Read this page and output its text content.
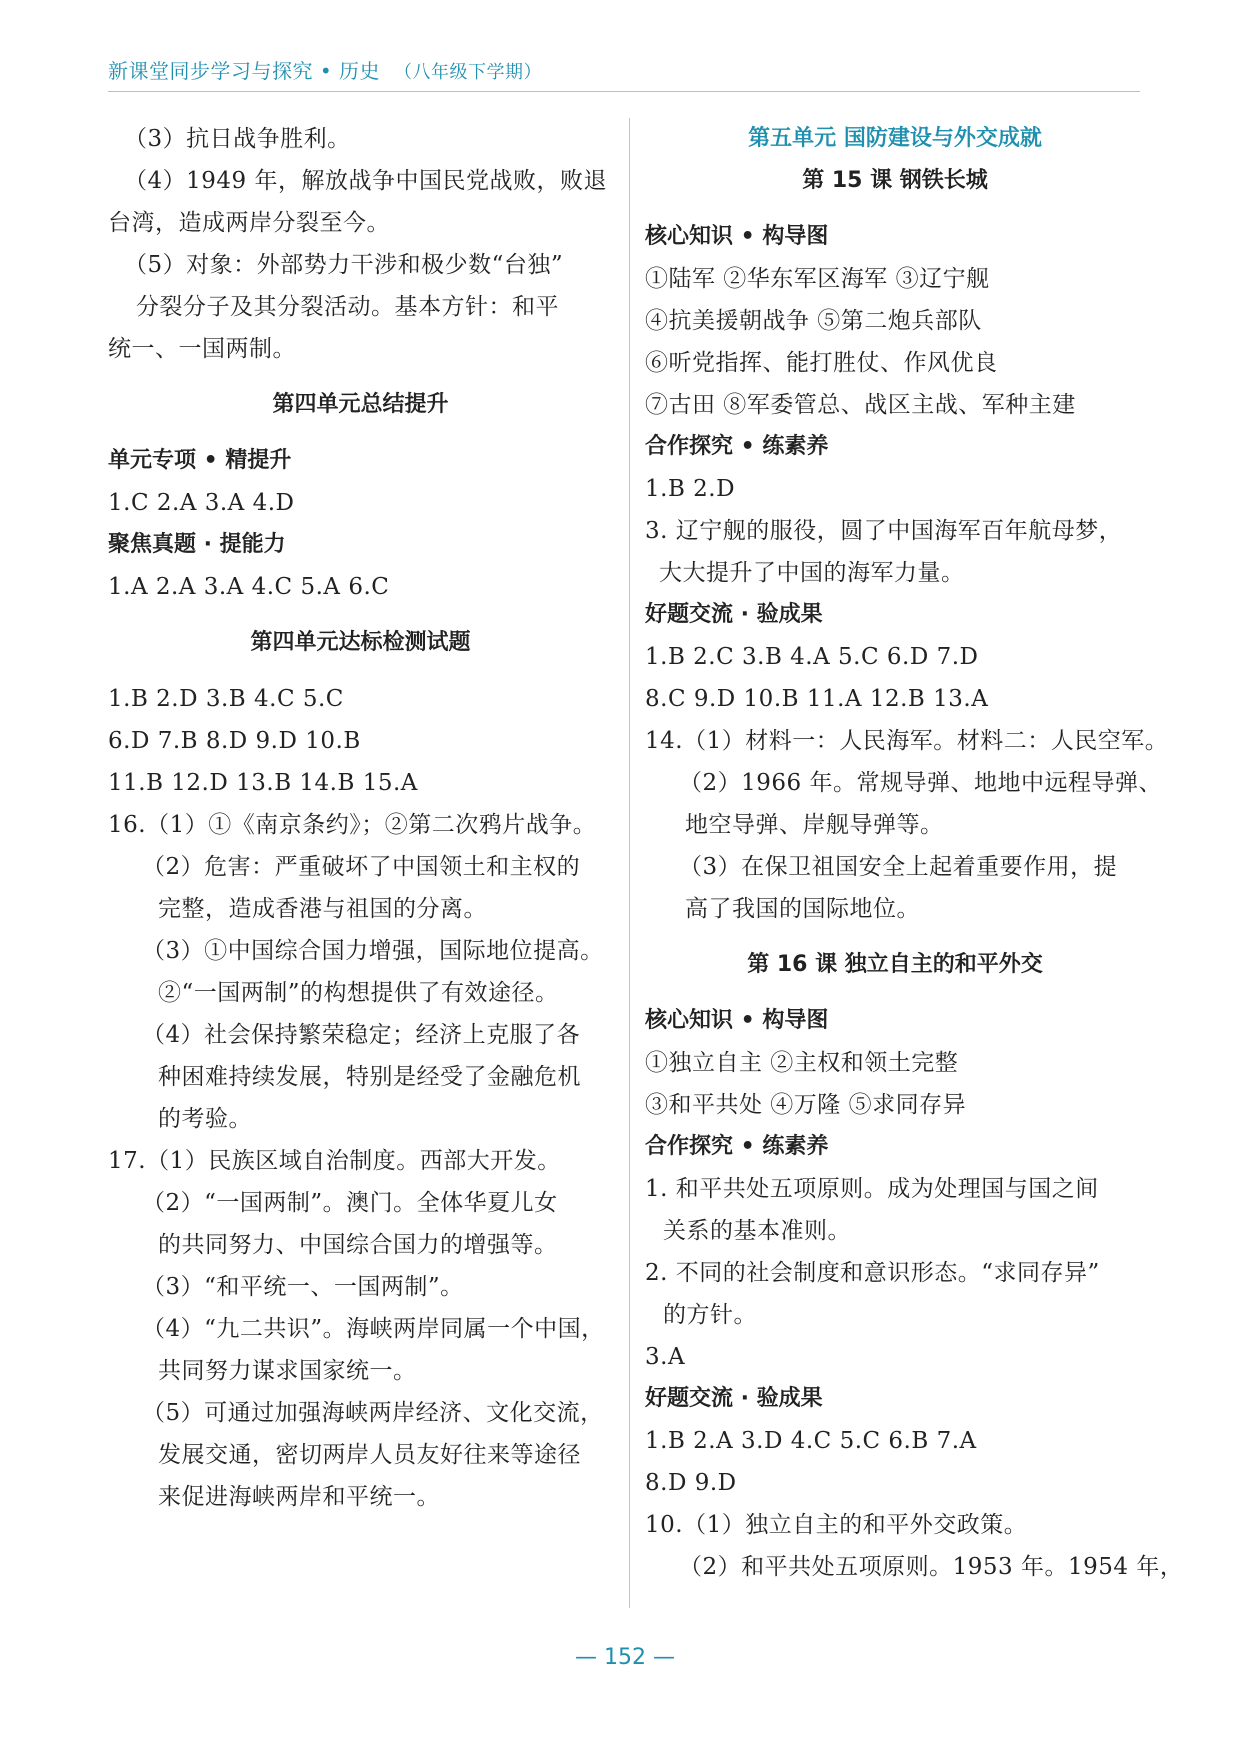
新课堂同步学习与探究 • 历史 （八年级下学期）
（3）抗日战争胜利。
（4）1949 年，解放战争中国民党战败，败退
台湾，造成两岸分裂至今。
（5）对象：外部势力干涉和极少数“台独”
分裂分子及其分裂活动。基本方针：和平
统一、一国两制。
第四单元总结提升
单元专项 • 精提升
1.C 2.A 3.A 4.D
聚焦真题 · 提能力
1.A 2.A 3.A 4.C 5.A 6.C
第四单元达标检测试题
1.B 2.D 3.B 4.C 5.C
6.D 7.B 8.D 9.D 10.B
11.B 12.D 13.B 14.B 15.A
16.（1）①《南京条约》；②第二次鸦片战争。
（2）危害：严重破坏了中国领土和主权的
完整，造成香港与祖国的分离。
（3）①中国综合国力增强，国际地位提高。
②“一国两制”的构想提供了有效途径。
（4）社会保持繁荣稳定；经济上克服了各
种困难持续发展，特别是经受了金融危机
的考验。
17.（1）民族区域自治制度。西部大开发。
（2）“一国两制”。澳门。全体华夏儿女
的共同努力、中国综合国力的增强等。
（3）“和平统一、一国两制”。
（4）“九二共识”。海峡两岸同属一个中国，
共同努力谋求国家统一。
（5）可通过加强海峡两岸经济、文化交流，
发展交通，密切两岸人员友好往来等途径
来促进海峡两岸和平统一。
第五单元 国防建设与外交成就
第 15 课 钢铁长城
核心知识 • 构导图
①陆军 ②华东军区海军 ③辽宁舰
④抗美援朝战争 ⑤第二炮兵部队
⑥听党指挥、能打胜仗、作风优良
⑦古田 ⑧军委管总、战区主战、军种主建
合作探究 • 练素养
1.B 2.D
3. 辽宁舰的服役，圆了中国海军百年航母梦，
大大提升了中国的海军力量。
好题交流 · 验成果
1.B 2.C 3.B 4.A 5.C 6.D 7.D
8.C 9.D 10.B 11.A 12.B 13.A
14.（1）材料一：人民海军。材料二：人民空军。
（2）1966 年。常规导弹、地地中远程导弹、
地空导弹、岸舰导弹等。
（3）在保卫祖国安全上起着重要作用，提
高了我国的国际地位。
第 16 课 独立自主的和平外交
核心知识 • 构导图
①独立自主 ②主权和领土完整
③和平共处 ④万隆 ⑤求同存异
合作探究 • 练素养
1. 和平共处五项原则。成为处理国与国之间
关系的基本准则。
2. 不同的社会制度和意识形态。“求同存异”
的方针。
3.A
好题交流 · 验成果
1.B 2.A 3.D 4.C 5.C 6.B 7.A
8.D 9.D
10.（1）独立自主的和平外交政策。
（2）和平共处五项原则。1953 年。1954 年，
— 152 —
